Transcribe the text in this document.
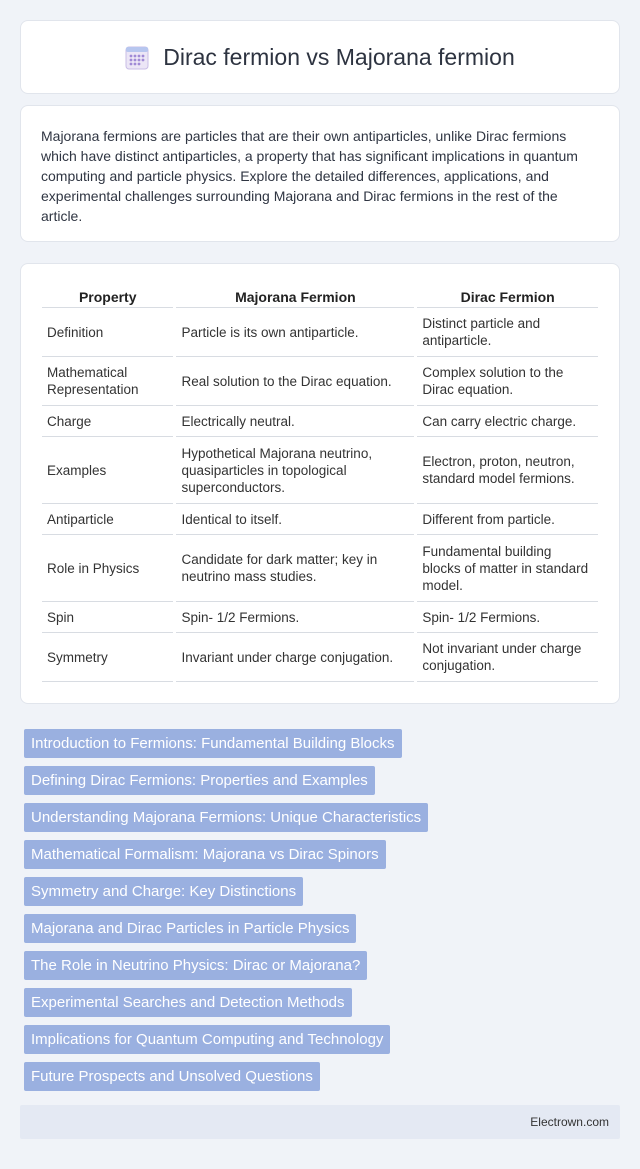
Dirac fermion vs Majorana fermion

Majorana fermions are particles that are their own antiparticles, unlike Dirac fermions which have distinct antiparticles, a property that has significant implications in quantum computing and particle physics. Explore the detailed differences, applications, and experimental challenges surrounding Majorana and Dirac fermions in the rest of the article.

Property	Majorana Fermion	Dirac Fermion
Definition	Particle is its own antiparticle.	Distinct particle and antiparticle.
Mathematical Representation	Real solution to the Dirac equation.	Complex solution to the Dirac equation.
Charge	Electrically neutral.	Can carry electric charge.
Examples	Hypothetical Majorana neutrino, quasiparticles in topological superconductors.	Electron, proton, neutron, standard model fermions.
Antiparticle	Identical to itself.	Different from particle.
Role in Physics	Candidate for dark matter; key in neutrino mass studies.	Fundamental building blocks of matter in standard model.
Spin	Spin- 1/2 Fermions.	Spin- 1/2 Fermions.
Symmetry	Invariant under charge conjugation.	Not invariant under charge conjugation.
Introduction to Fermions: Fundamental Building Blocks
Defining Dirac Fermions: Properties and Examples
Understanding Majorana Fermions: Unique Characteristics
Mathematical Formalism: Majorana vs Dirac Spinors
Symmetry and Charge: Key Distinctions
Majorana and Dirac Particles in Particle Physics
The Role in Neutrino Physics: Dirac or Majorana?
Experimental Searches and Detection Methods
Implications for Quantum Computing and Technology
Future Prospects and Unsolved Questions
Electrown.com
